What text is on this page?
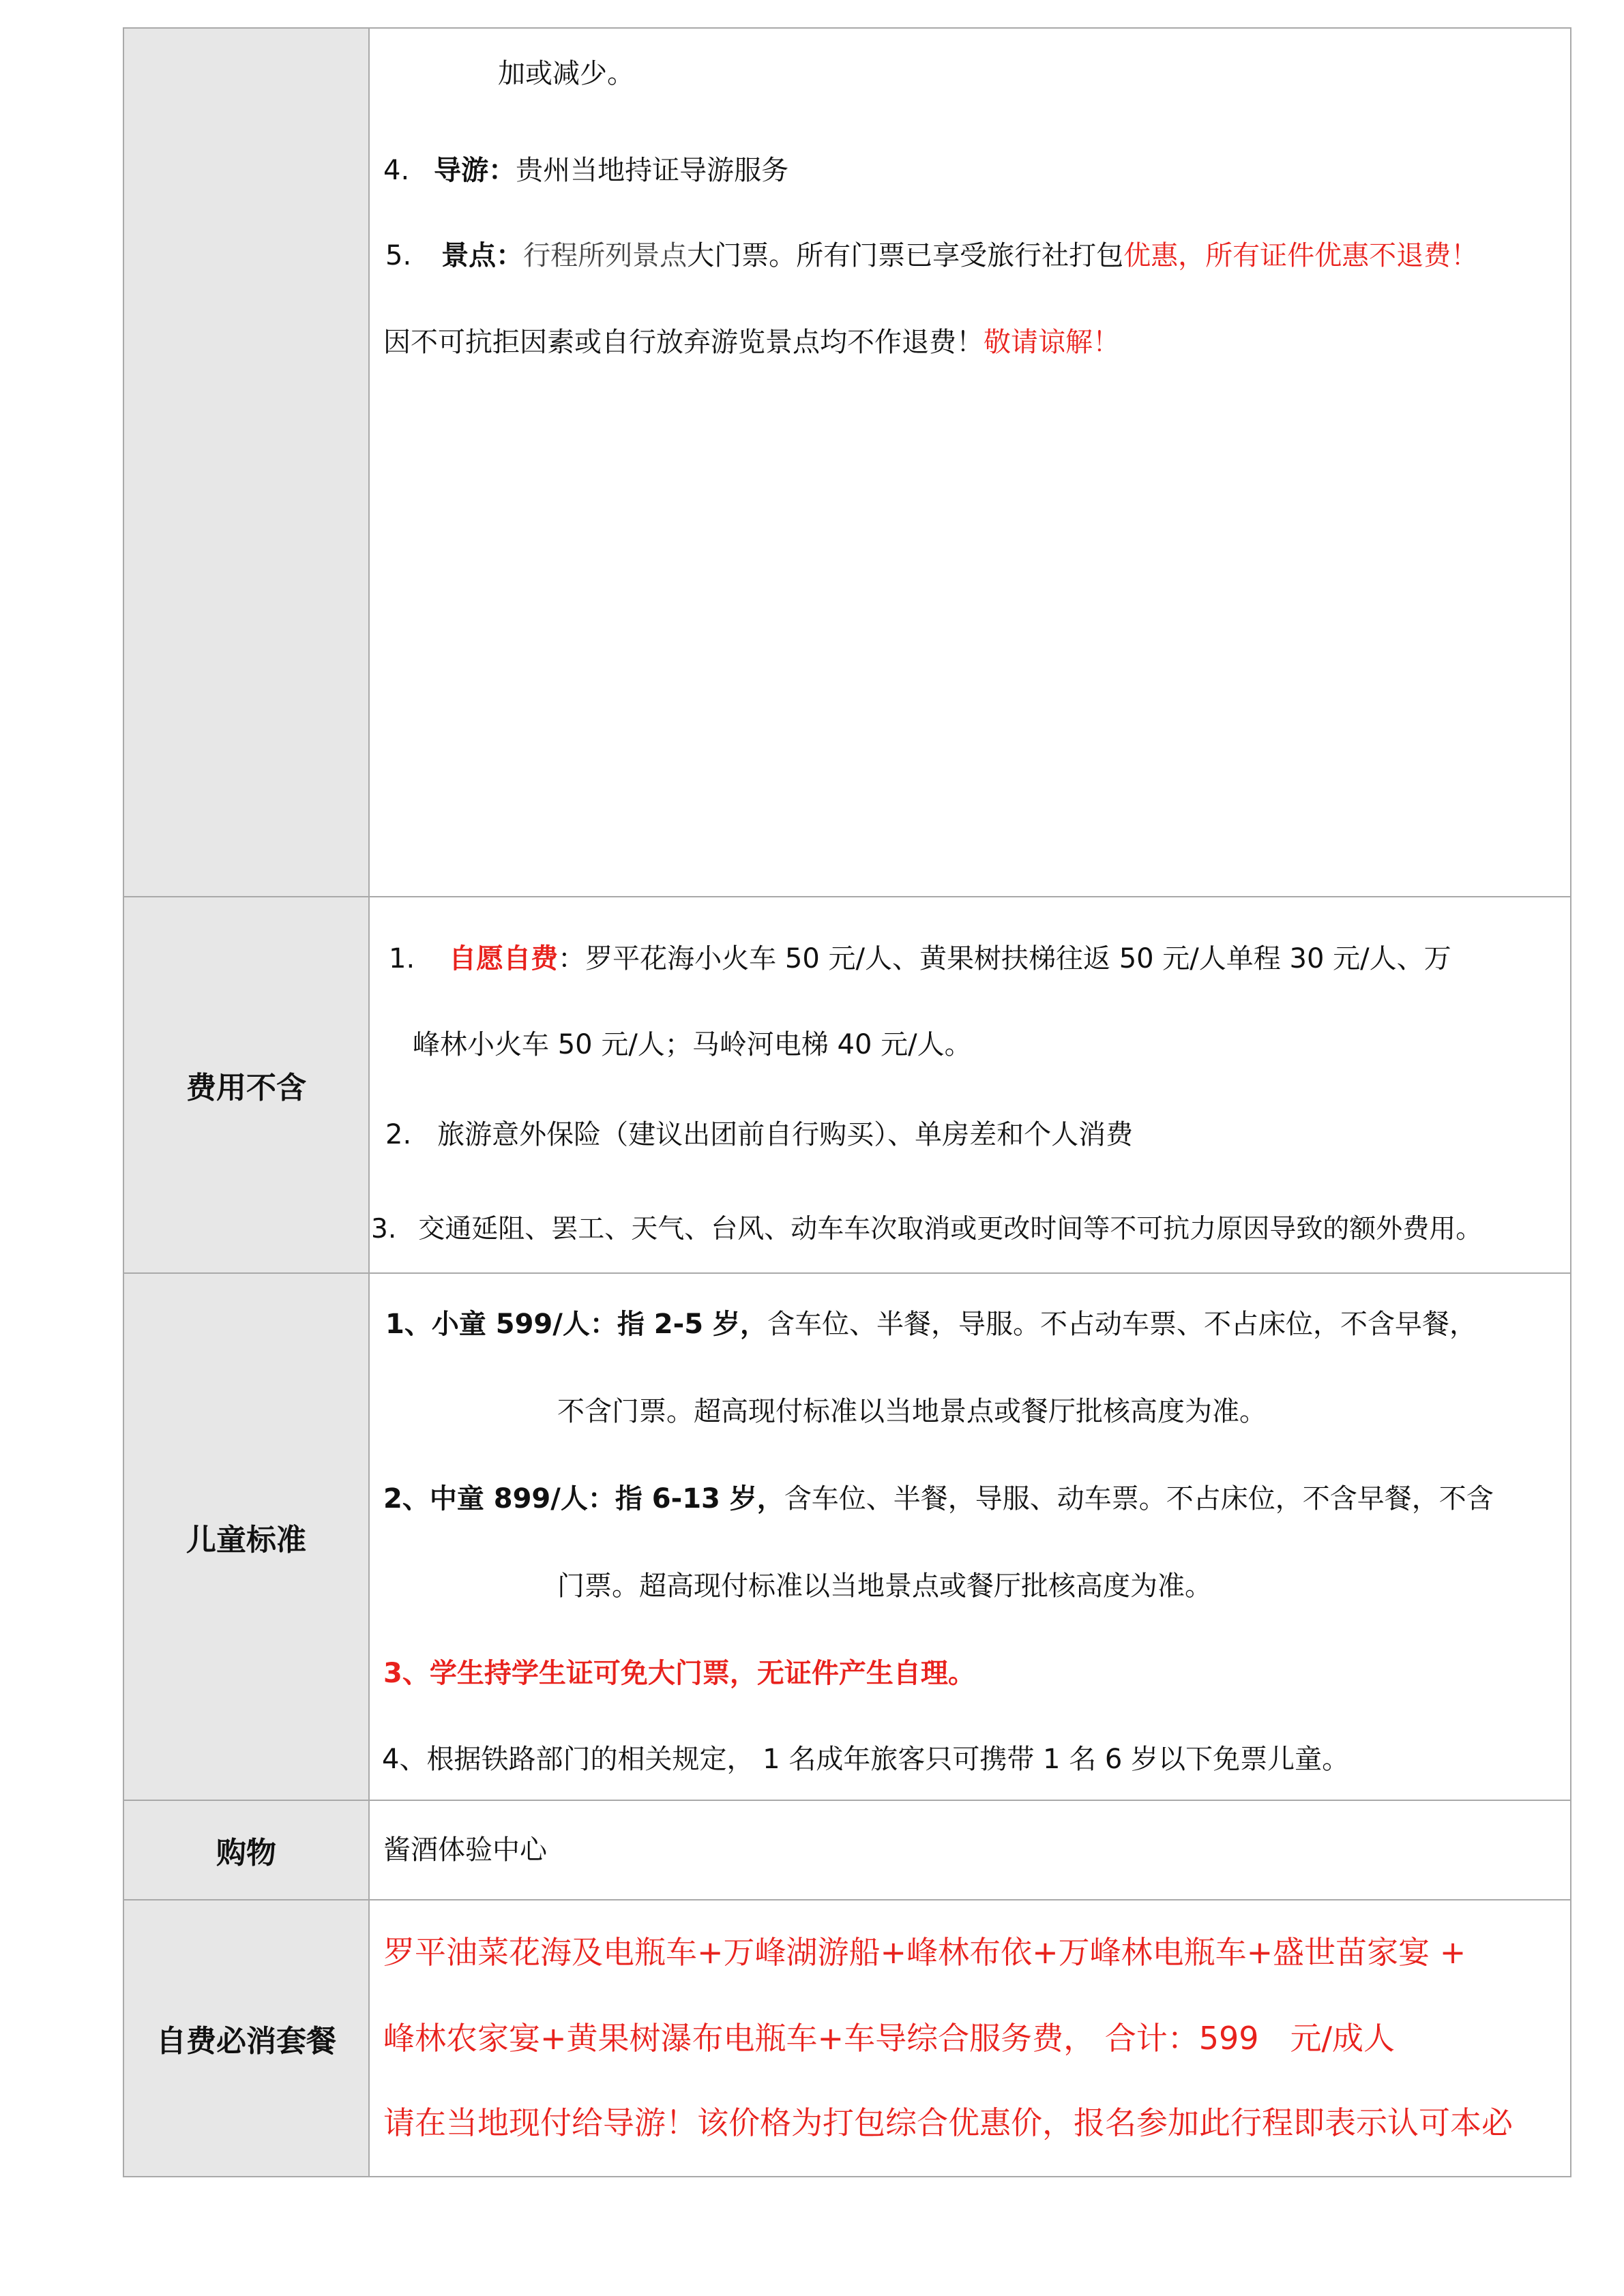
加或减少。
4. 导游：贵州当地持证导游服务
5. 景点：行程所列景点大门票。所有门票已享受旅行社打包优惠，所有证件优惠不退费！
因不可抗拒因素或自行放弃游览景点均不作退费！敬请谅解！
费用不含
1. 自愿自费：罗平花海小火车 50 元/人、黄果树扶梯往返 50 元/人单程 30 元/人、万
峰林小火车 50 元/人；马岭河电梯 40 元/人。
2. 旅游意外保险（建议出团前自行购买）、单房差和个人消费
3. 交通延阻、罢工、天气、台风、动车车次取消或更改时间等不可抗力原因导致的额外费用。
儿童标准
1、小童 599/人：指 2-5 岁，含车位、半餐，导服。不占动车票、不占床位，不含早餐，
不含门票。超高现付标准以当地景点或餐厅批核高度为准。
2、中童 899/人：指 6-13 岁，含车位、半餐，导服、动车票。不占床位，不含早餐，不含
门票。超高现付标准以当地景点或餐厅批核高度为准。
3、学生持学生证可免大门票，无证件产生自理。
4、根据铁路部门的相关规定， 1 名成年旅客只可携带 1 名 6 岁以下免票儿童。
购物	酱酒体验中心
自费必消套餐
罗平油菜花海及电瓶车+万峰湖游船+峰林布依+万峰林电瓶车+盛世苗家宴 +
峰林农家宴+黄果树瀑布电瓶车+车导综合服务费， 合计：599　元/成人
请在当地现付给导游！该价格为打包综合优惠价，报名参加此行程即表示认可本必
